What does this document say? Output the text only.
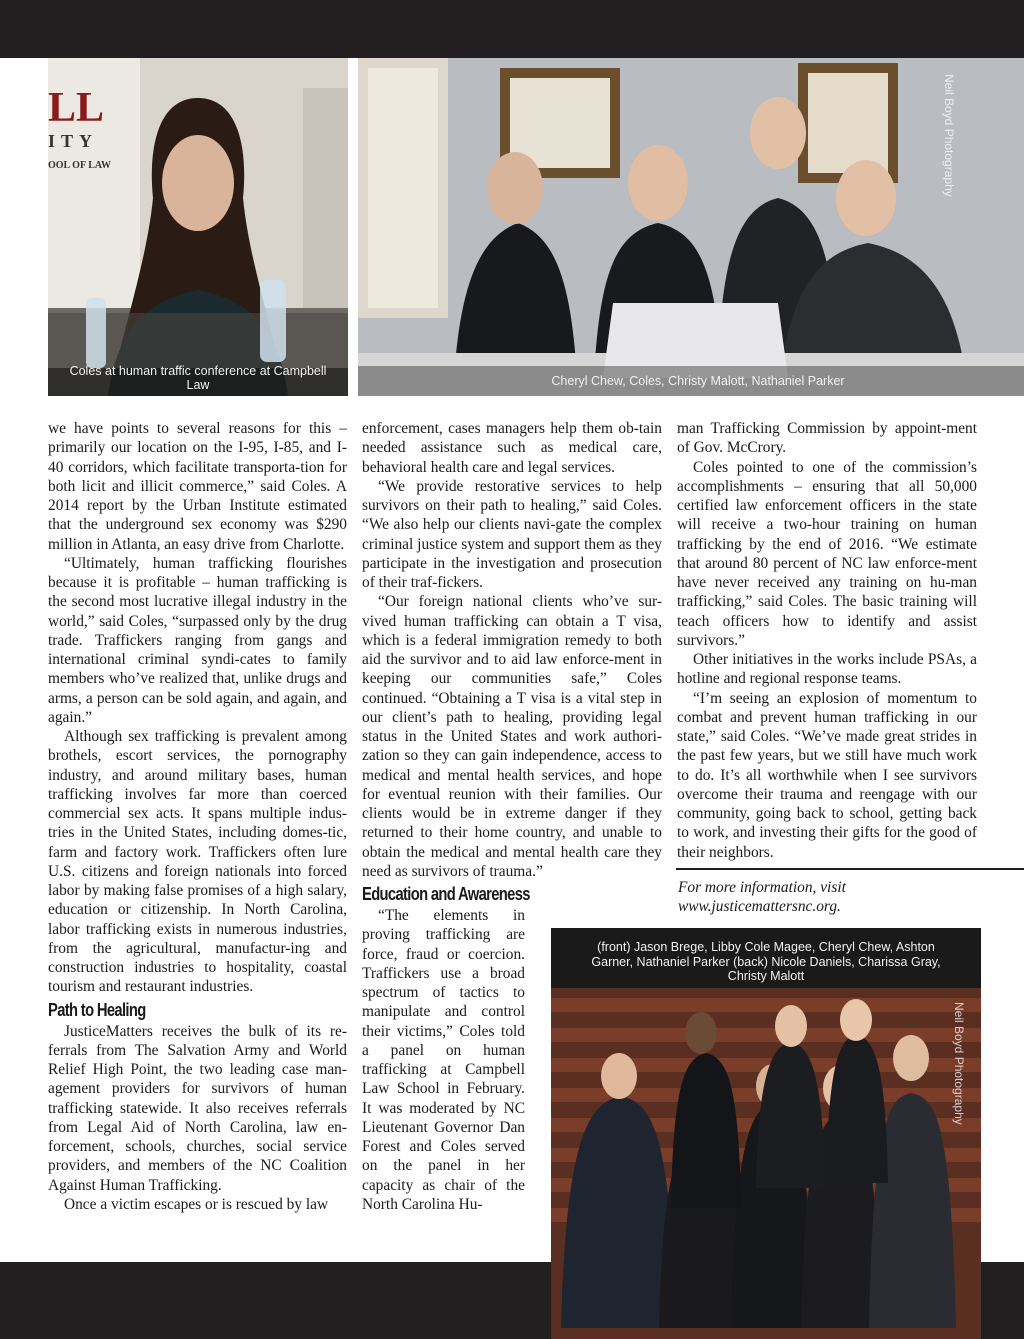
LL
ITY
OOL OF LAW
Coles at human traffic conference at Campbell Law	Cheryl Chew, Coles, Christy Malott, Nathaniel Parker
Neil Boyd Photography

we have points to several reasons for this – primarily our location on the I-95, I-85, and I-40 corridors, which facilitate transporta-tion for both licit and illicit commerce,” said Coles. A 2014 report by the Urban Institute estimated that the underground sex economy was $290 million in Atlanta, an easy drive from Charlotte.

“Ultimately, human trafficking flourishes because it is profitable – human trafficking is the second most lucrative illegal industry in the world,” said Coles, “surpassed only by the drug trade. Traffickers ranging from gangs and international criminal syndi-cates to family members who’ve realized that, unlike drugs and arms, a person can be sold again, and again, and again.”

Although sex trafficking is prevalent among brothels, escort services, the pornography industry, and around military bases, human trafficking involves far more than coerced commercial sex acts. It spans multiple indus-tries in the United States, including domes-tic, farm and factory work. Traffickers often lure U.S. citizens and foreign nationals into forced labor by making false promises of a high salary, education or citizenship. In North Carolina, labor trafficking exists in numerous industries, from the agricultural, manufactur-ing and construction industries to hospitality, coastal tourism and restaurant industries.

Path to Healing

JusticeMatters receives the bulk of its re-ferrals from The Salvation Army and World Relief High Point, the two leading case man-agement providers for survivors of human trafficking statewide. It also receives referrals from Legal Aid of North Carolina, law en-forcement, schools, churches, social service providers, and members of the NC Coalition Against Human Trafficking.

Once a victim escapes or is rescued by law

enforcement, cases managers help them ob-tain needed assistance such as medical care, behavioral health care and legal services.

“We provide restorative services to help survivors on their path to healing,” said Coles. “We also help our clients navi-gate the complex criminal justice system and support them as they participate in the investigation and prosecution of their traf-fickers.

“Our foreign national clients who’ve sur-vived human trafficking can obtain a T visa, which is a federal immigration remedy to both aid the survivor and to aid law enforce-ment in keeping our communities safe,” Coles continued. “Obtaining a T visa is a vital step in our client’s path to healing, providing legal status in the United States and work authori-zation so they can gain independence, access to medical and mental health services, and hope for eventual reunion with their families. Our clients would be in extreme danger if they returned to their home country, and unable to obtain the medical and mental health care they need as survivors of trauma.”

Education and Awareness

“The elements in proving trafficking are force, fraud or coercion. Traffickers use a broad spectrum of tactics to manipulate and control their victims,” Coles told a panel on human trafficking at Campbell Law School in February. It was moderated by NC Lieutenant Governor Dan Forest and Coles served on the panel in her capacity as chair of the North Carolina Hu-

man Trafficking Commission by appoint-ment of Gov. McCrory.

Coles pointed to one of the commission’s accomplishments – ensuring that all 50,000 certified law enforcement officers in the state will receive a two-hour training on human trafficking by the end of 2016. “We estimate that around 80 percent of NC law enforce-ment have never received any training on hu-man trafficking,” said Coles. The basic training will teach officers how to identify and assist survivors.”

Other initiatives in the works include PSAs, a hotline and regional response teams.

“I’m seeing an explosion of momentum to combat and prevent human trafficking in our state,” said Coles. “We’ve made great strides in the past few years, but we still have much work to do. It’s all worthwhile when I see survivors overcome their trauma and reengage with our community, going back to school, getting back to work, and investing their gifts for the good of their neighbors.

For more information, visit www.justicemattersnc.org.
(front) Jason Brege, Libby Cole Magee, Cheryl Chew, Ashton Garner, Nathaniel Parker (back) Nicole Daniels, Charissa Gray, Christy Malott
Neil Boyd Photography
